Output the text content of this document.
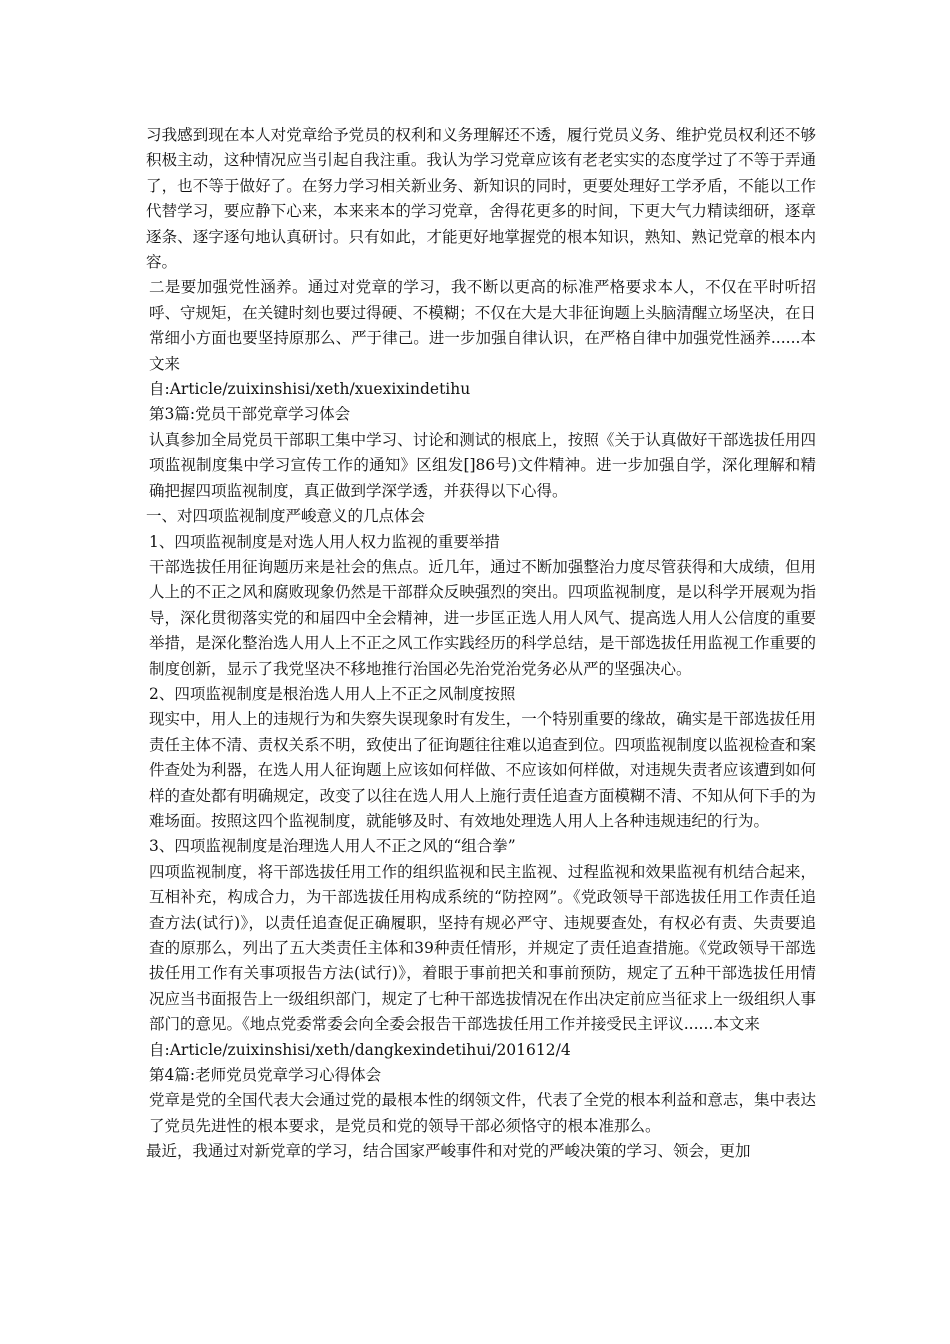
习我感到现在本人对党章给予党员的权利和义务理解还不透，履行党员义务、维护党员权利还不够积极主动，这种情况应当引起自我注重。我认为学习党章应该有老老实实的态度学过了不等于弄通了，也不等于做好了。在努力学习相关新业务、新知识的同时，更要处理好工学矛盾，不能以工作代替学习，要应静下心来，本来来本的学习党章，舍得花更多的时间，下更大气力精读细研，逐章逐条、逐字逐句地认真研讨。只有如此，才能更好地掌握党的根本知识，熟知、熟记党章的根本内容。

二是要加强党性涵养。通过对党章的学习，我不断以更高的标准严格要求本人，不仅在平时听招呼、守规矩，在关键时刻也要过得硬、不模糊；不仅在大是大非征询题上头脑清醒立场坚决，在日常细小方面也要坚持原那么、严于律己。进一步加强自律认识，在严格自律中加强党性涵养......本文来

自:Article/zuixinshisi/xeth/xuexixindetihu

第3篇:党员干部党章学习体会

认真参加全局党员干部职工集中学习、讨论和测试的根底上，按照《关于认真做好干部选拔任用四项监视制度集中学习宣传工作的通知》区组发[]86号)文件精神。进一步加强自学，深化理解和精确把握四项监视制度，真正做到学深学透，并获得以下心得。

一、对四项监视制度严峻意义的几点体会

1、四项监视制度是对选人用人权力监视的重要举措

干部选拔任用征询题历来是社会的焦点。近几年，通过不断加强整治力度尽管获得和大成绩，但用人上的不正之风和腐败现象仍然是干部群众反映强烈的突出。四项监视制度，是以科学开展观为指导，深化贯彻落实党的和届四中全会精神，进一步匡正选人用人风气、提高选人用人公信度的重要举措，是深化整治选人用人上不正之风工作实践经历的科学总结，是干部选拔任用监视工作重要的制度创新，显示了我党坚决不移地推行治国必先治党治党务必从严的坚强决心。

2、四项监视制度是根治选人用人上不正之风制度按照

现实中，用人上的违规行为和失察失误现象时有发生，一个特别重要的缘故，确实是干部选拔任用责任主体不清、责权关系不明，致使出了征询题往往难以追查到位。四项监视制度以监视检查和案件查处为利器，在选人用人征询题上应该如何样做、不应该如何样做，对违规失责者应该遭到如何样的查处都有明确规定，改变了以往在选人用人上施行责任追查方面模糊不清、不知从何下手的为难场面。按照这四个监视制度，就能够及时、有效地处理选人用人上各种违规违纪的行为。

3、四项监视制度是治理选人用人不正之风的“组合拳”

四项监视制度，将干部选拔任用工作的组织监视和民主监视、过程监视和效果监视有机结合起来，互相补充，构成合力，为干部选拔任用构成系统的“防控网”。《党政领导干部选拔任用工作责任追查方法(试行)》，以责任追查促正确履职，坚持有规必严守、违规要查处，有权必有责、失责要追查的原那么，列出了五大类责任主体和39种责任情形，并规定了责任追查措施。《党政领导干部选拔任用工作有关事项报告方法(试行)》，着眼于事前把关和事前预防，规定了五种干部选拔任用情况应当书面报告上一级组织部门，规定了七种干部选拔情况在作出决定前应当征求上一级组织人事部门的意见。《地点党委常委会向全委会报告干部选拔任用工作并接受民主评议......本文来

自:Article/zuixinshisi/xeth/dangkexindetihui/201612/4

第4篇:老师党员党章学习心得体会

党章是党的全国代表大会通过党的最根本性的纲领文件，代表了全党的根本利益和意志，集中表达了党员先进性的根本要求，是党员和党的领导干部必须恪守的根本准那么。

最近，我通过对新党章的学习，结合国家严峻事件和对党的严峻决策的学习、领会，更加
